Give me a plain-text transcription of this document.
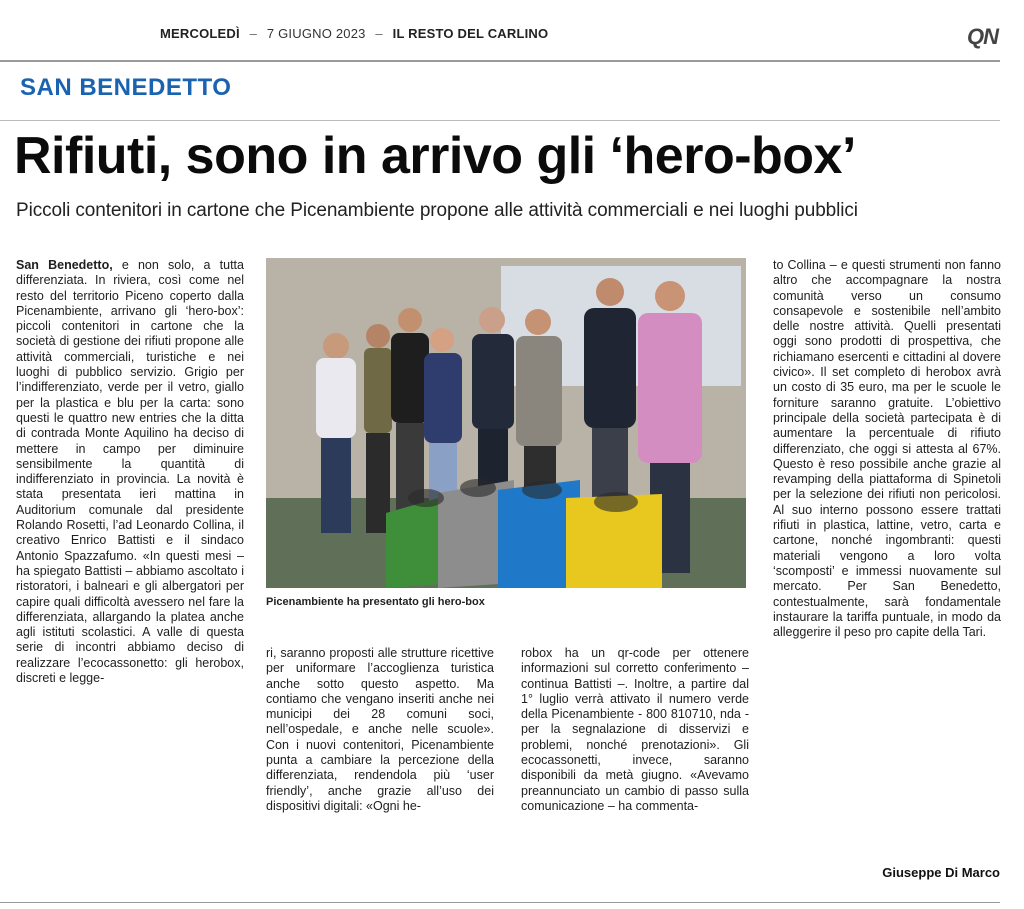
MERCOLEDÌ – 7 GIUGNO 2023 – IL RESTO DEL CARLINO	QN
SAN BENEDETTO
Rifiuti, sono in arrivo gli ‘hero-box’
Piccoli contenitori in cartone che Picenambiente propone alle attività commerciali e nei luoghi pubblici
San Benedetto, e non solo, a tutta differenziata. In riviera, così come nel resto del territorio Piceno coperto dalla Picenambiente, arrivano gli ‘hero-box’: piccoli contenitori in cartone che la società di gestione dei rifiuti propone alle attività commerciali, turistiche e nei luoghi di pubblico servizio. Grigio per l’indifferenziato, verde per il vetro, giallo per la plastica e blu per la carta: sono questi le quattro new entries che la ditta di contrada Monte Aquilino ha deciso di mettere in campo per diminuire sensibilmente la quantità di indifferenziato in provincia. La novità è stata presentata ieri mattina in Auditorium comunale dal presidente Rolando Rosetti, l’ad Leonardo Collina, il creativo Enrico Battisti e il sindaco Antonio Spazzafumo. «In questi mesi – ha spiegato Battisti – abbiamo ascoltato i ristoratori, i balneari e gli albergatori per capire quali difficoltà avessero nel fare la differenziata, allargando la platea anche agli istituti scolastici. A valle di questa serie di incontri abbiamo deciso di realizzare l’ecocassonetto: gli herobox, discreti e legge-
Picenambiente ha presentato gli hero-box
ri, saranno proposti alle strutture ricettive per uniformare l’accoglienza turistica anche sotto questo aspetto. Ma contiamo che vengano inseriti anche nei municipi dei 28 comuni soci, nell’ospedale, e anche nelle scuole». Con i nuovi contenitori, Picenambiente punta a cambiare la percezione della differenziata, rendendola più ‘user friendly’, anche grazie all’uso dei dispositivi digitali: «Ogni he-
robox ha un qr-code per ottenere informazioni sul corretto conferimento – continua Battisti –. Inoltre, a partire dal 1° luglio verrà attivato il numero verde della Picenambiente - 800 810710, nda - per la segnalazione di disservizi e problemi, nonché prenotazioni». Gli ecocassonetti, invece, saranno disponibili da metà giugno. «Avevamo preannunciato un cambio di passo sulla comunicazione – ha commenta-
to Collina – e questi strumenti non fanno altro che accompagnare la nostra comunità verso un consumo consapevole e sostenibile nell’ambito delle nostre attività. Quelli presentati oggi sono prodotti di prospettiva, che richiamano esercenti e cittadini al dovere civico». Il set completo di herobox avrà un costo di 35 euro, ma per le scuole le forniture saranno gratuite. L’obiettivo principale della società partecipata è di aumentare la percentuale di rifiuto differenziato, che oggi si attesta al 67%. Questo è reso possibile anche grazie al revamping della piattaforma di Spinetoli per la selezione dei rifiuti non pericolosi. Al suo interno possono essere trattati rifiuti in plastica, lattine, vetro, carta e cartone, nonché ingombranti: questi materiali vengono a loro volta ‘scomposti’ e immessi nuovamente sul mercato. Per San Benedetto, contestualmente, sarà fondamentale instaurare la tariffa puntuale, in modo da alleggerire il peso pro capite della Tari.
Giuseppe Di Marco
